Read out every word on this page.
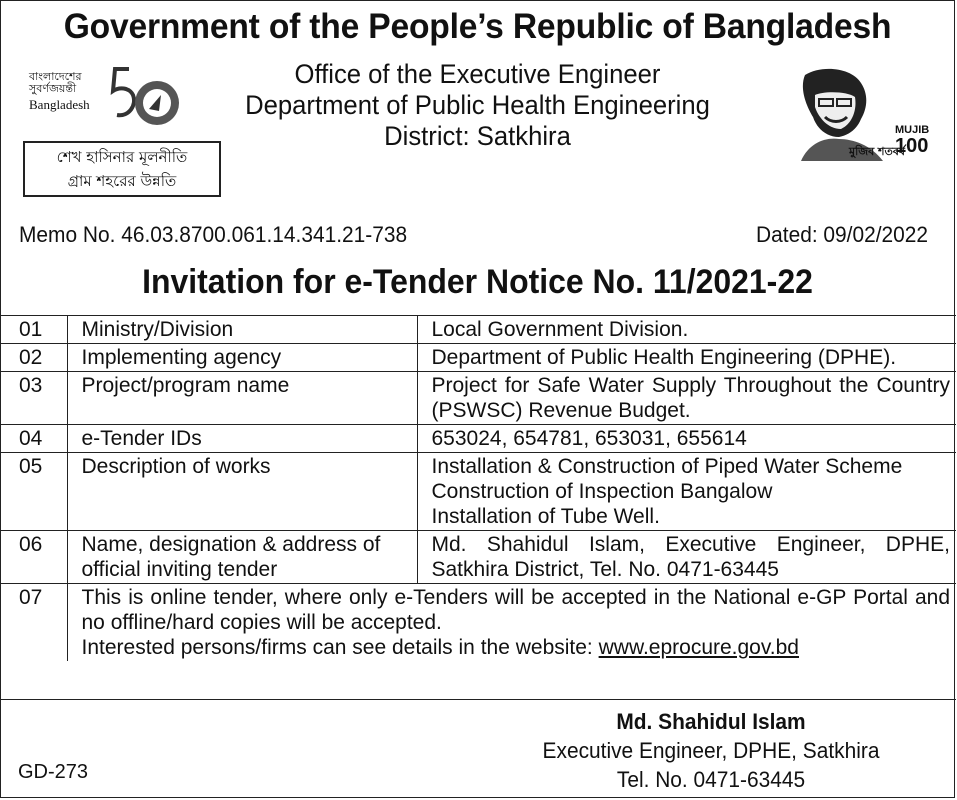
Government of the People’s Republic of Bangladesh
Office of the Executive Engineer
Department of Public Health Engineering
District: Satkhira
বাংলাদেশের
সুবর্ণজয়ন্তী
Bangladesh
শেখ হাসিনার মূলনীতি
গ্রাম শহরের উন্নতি
MUJIB
100
মুজিব শতবর্ষ
Memo No. 46.03.8700.061.14.341.21-738	Dated: 09/02/2022
Invitation for e-Tender Notice No. 11/2021-22
01	Ministry/Division	Local Government Division.

02	Implementing agency	Department of Public Health Engineering (DPHE).

03	Project/program name	Project for Safe Water Supply Throughout the Country (PSWSC) Revenue Budget.

04	e-Tender IDs	653024, 654781, 653031, 655614

05	Description of works	Installation & Construction of Piped Water Scheme
Construction of Inspection Bangalow
Installation of Tube Well.

06	Name, designation & address of official inviting tender	Md. Shahidul Islam, Executive Engineer, DPHE, Satkhira District, Tel. No. 0471-63445

07	This is online tender, where only e-Tenders will be accepted in the National e-GP Portal and no offline/hard copies will be accepted.
Interested persons/firms can see details in the website: www.eprocure.gov.bd	
Md. Shahidul Islam
Executive Engineer, DPHE, Satkhira
Tel. No. 0471-63445
GD-273
